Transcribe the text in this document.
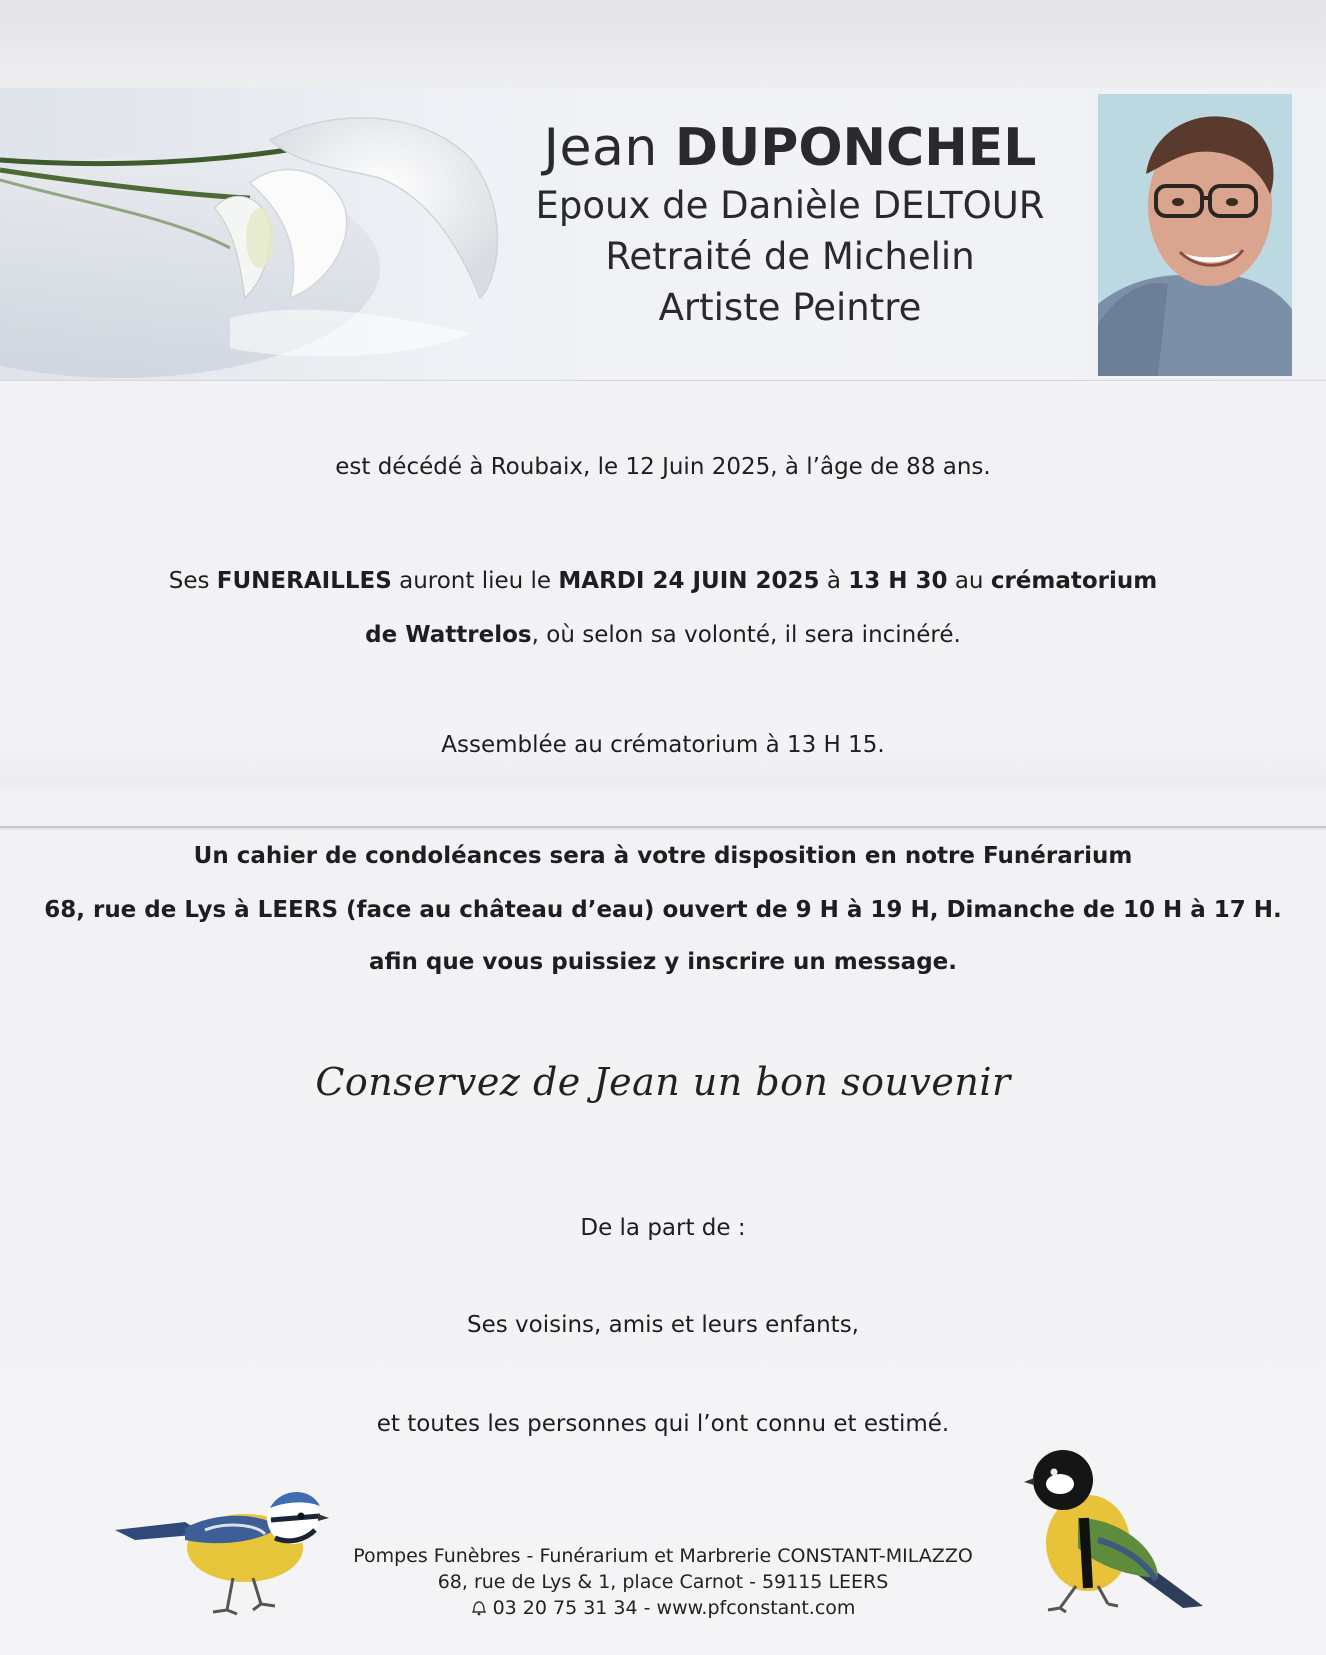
Jean DUPONCHEL
Epoux de Danièle DELTOUR
Retraité de Michelin
Artiste Peintre
est décédé à Roubaix, le 12 Juin 2025, à l’âge de 88 ans.
Ses FUNERAILLES auront lieu le MARDI 24 JUIN 2025 à 13 H 30 au crématorium
de Wattrelos, où selon sa volonté, il sera incinéré.
Assemblée au crématorium à 13 H 15.
Un cahier de condoléances sera à votre disposition en notre Funérarium
68, rue de Lys à LEERS (face au château d’eau) ouvert de 9 H à 19 H, Dimanche de 10 H à 17 H.
afin que vous puissiez y inscrire un message.
Conservez de Jean un bon souvenir
De la part de :
Ses voisins, amis et leurs enfants,
et toutes les personnes qui l’ont connu et estimé.
Pompes Funèbres - Funérarium et Marbrerie CONSTANT-MILAZZO
68, rue de Lys & 1, place Carnot - 59115 LEERS
03 20 75 31 34 - www.pfconstant.com
